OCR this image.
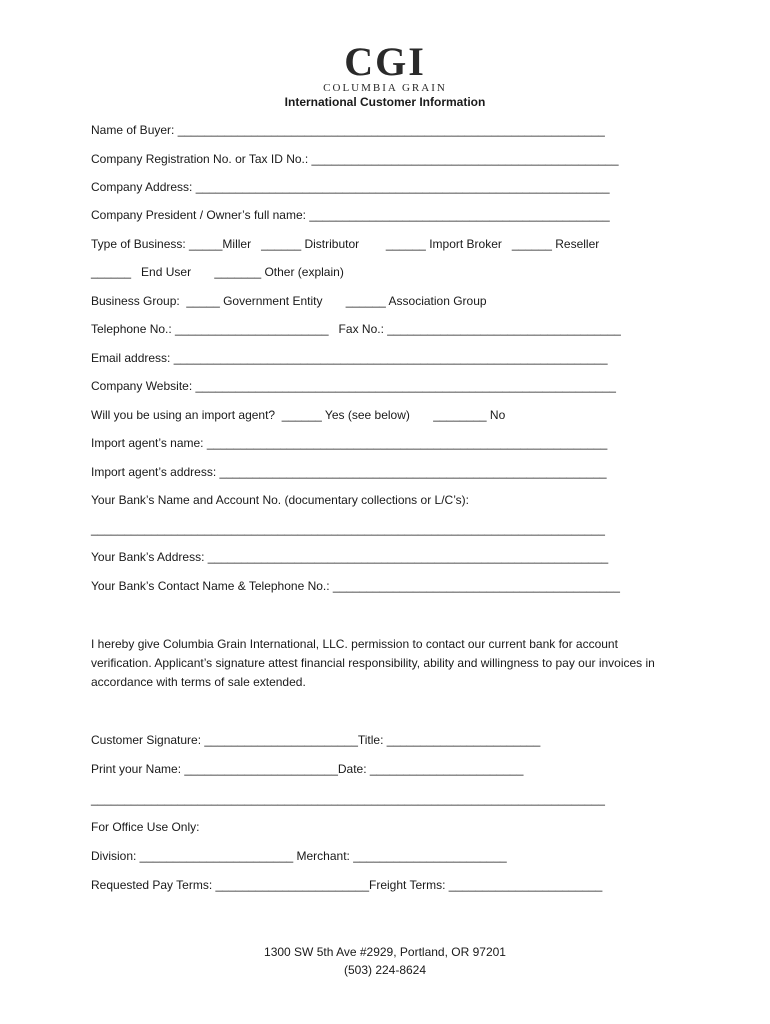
CGI
COLUMBIA GRAIN
International Customer Information
Name of Buyer: ________________________________________________________________
Company Registration No. or Tax ID No.: ______________________________________________
Company Address: ______________________________________________________________
Company President / Owner’s full name: _____________________________________________
Type of Business: _____Miller   ______ Distributor        ______ Import Broker   ______ Reseller
______   End User       _______ Other (explain)
Business Group:  _____ Government Entity       ______ Association Group
Telephone No.: _______________________   Fax No.: ___________________________________
Email address: _________________________________________________________________
Company Website: _______________________________________________________________
Will you be using an import agent?  ______ Yes (see below)       ________ No
Import agent’s name: ____________________________________________________________
Import agent’s address: __________________________________________________________
Your Bank’s Name and Account No. (documentary collections or L/C’s):
_____________________________________________________________________________
Your Bank’s Address: ____________________________________________________________
Your Bank’s Contact Name & Telephone No.: ___________________________________________
I hereby give Columbia Grain International, LLC. permission to contact our current bank for account verification. Applicant’s signature attest financial responsibility, ability and willingness to pay our invoices in accordance with terms of sale extended.
Customer Signature: _______________________Title: _______________________
Print your Name: _______________________Date: _______________________
_____________________________________________________________________________
For Office Use Only:
Division: _______________________ Merchant: _______________________
Requested Pay Terms: _______________________Freight Terms: _______________________
1300 SW 5th Ave #2929, Portland, OR 97201
(503) 224-8624
